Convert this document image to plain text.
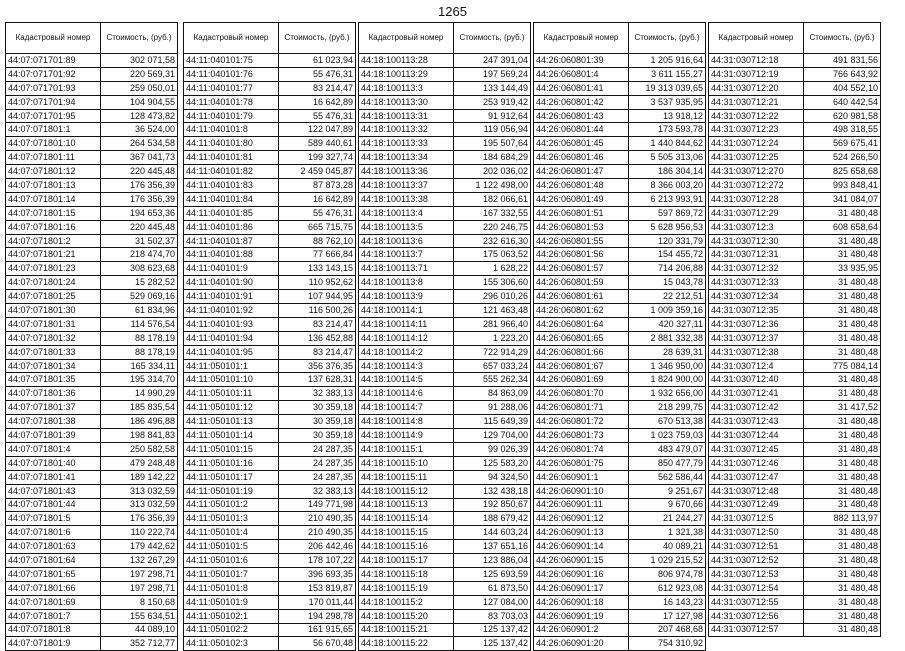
1265
Кадастровый номер	Стоимость, (руб.)
44:07:071701:89	302 071,58
44:07:071701:92	220 569,31
44:07:071701:93	259 050,01
44:07:071701:94	104 904,55
44:07:071701:95	128 473,82
44:07:071801:1	36 524,00
44:07:071801:10	264 534,58
44:07:071801:11	367 041,73
44:07:071801:12	220 445,48
44:07:071801:13	176 356,39
44:07:071801:14	176 356,39
44:07:071801:15	194 653,36
44:07:071801:16	220 445,48
44:07:071801:2	31 502,37
44:07:071801:21	218 474,70
44:07:071801:23	308 623,68
44:07:071801:24	15 282,52
44:07:071801:25	529 069,16
44:07:071801:30	61 834,96
44:07:071801:31	114 576,54
44:07:071801:32	88 178,19
44:07:071801:33	88 178,19
44:07:071801:34	165 334,11
44:07:071801:35	195 314,70
44:07:071801:36	14 990,29
44:07:071801:37	185 835,54
44:07:071801:38	186 496,88
44:07:071801:39	198 841,83
44:07:071801:4	250 582,58
44:07:071801:40	479 248,48
44:07:071801:41	189 142,22
44:07:071801:43	313 032,59
44:07:071801:44	313 032,59
44:07:071801:5	176 356,39
44:07:071801:6	110 222,74
44:07:071801:63	179 442,62
44:07:071801:64	132 267,29
44:07:071801:65	197 298,71
44:07:071801:66	197 298,71
44:07:071801:69	8 150,68
44:07:071801:7	155 634,51
44:07:071801:8	44 089,10
44:07:071801:9	352 712,77
Кадастровый номер	Стоимость, (руб.)
44:11:040101:75	61 023,94
44:11:040101:76	55 476,31
44:11:040101:77	83 214,47
44:11:040101:78	16 642,89
44:11:040101:79	55 476,31
44:11:040101:8	122 047,89
44:11:040101:80	589 440,61
44:11:040101:81	199 327,74
44:11:040101:82	2 459 045,87
44:11:040101:83	87 873,28
44:11:040101:84	16 642,89
44:11:040101:85	55 476,31
44:11:040101:86	665 715,75
44:11:040101:87	88 762,10
44:11:040101:88	77 666,84
44:11:040101:9	133 143,15
44:11:040101:90	110 952,62
44:11:040101:91	107 944,95
44:11:040101:92	116 500,26
44:11:040101:93	83 214,47
44:11:040101:94	136 452,88
44:11:040101:95	83 214,47
44:11:050101:1	356 376,35
44:11:050101:10	137 628,31
44:11:050101:11	32 383,13
44:11:050101:12	30 359,18
44:11:050101:13	30 359,18
44:11:050101:14	30 359,18
44:11:050101:15	24 287,35
44:11:050101:16	24 287,35
44:11:050101:17	24 287,35
44:11:050101:19	32 383,13
44:11:050101:2	149 771,98
44:11:050101:3	210 490,35
44:11:050101:4	210 490,35
44:11:050101:5	206 442,46
44:11:050101:6	178 107,22
44:11:050101:7	396 693,35
44:11:050101:8	153 819,87
44:11:050101:9	170 011,44
44:11:050102:1	194 298,78
44:11:050102:2	161 915,65
44:11:050102:3	56 670,48
Кадастровый номер	Стоимость, (руб.)
44:18:100113:28	247 391,04
44:18:100113:29	197 569,24
44:18:100113:3	133 144,49
44:18:100113:30	253 919,42
44:18:100113:31	91 912,64
44:18:100113:32	119 056,94
44:18:100113:33	195 507,64
44:18:100113:34	184 684,29
44:18:100113:36	202 036,02
44:18:100113:37	1 122 498,00
44:18:100113:38	182 066,61
44:18:100113:4	167 332,55
44:18:100113:5	220 246,75
44:18:100113:6	232 616,30
44:18:100113:7	175 063,52
44:18:100113:71	1 628,22
44:18:100113:8	155 306,60
44:18:100113:9	296 010,26
44:18:100114:1	121 463,48
44:18:100114:11	281 966,40
44:18:100114:12	1 223,20
44:18:100114:2	722 914,29
44:18:100114:3	657 033,24
44:18:100114:5	555 262,34
44:18:100114:6	84 863,09
44:18:100114:7	91 288,06
44:18:100114:8	115 649,39
44:18:100114:9	129 704,00
44:18:100115:1	99 026,39
44:18:100115:10	125 583,20
44:18:100115:11	94 324,50
44:18:100115:12	132 438,18
44:18:100115:13	192 850,67
44:18:100115:14	188 679,42
44:18:100115:15	144 603,24
44:18:100115:16	137 651,16
44:18:100115:17	123 886,04
44:18:100115:18	125 693,59
44:18:100115:19	61 873,50
44:18:100115:2	127 084,00
44:18:100115:20	83 703,03
44:18:100115:21	125 137,42
44:18:100115:22	125 137,42
Кадастровый номер	Стоимость, (руб.)
44:26:060801:39	1 205 916,64
44:26:060801:4	3 611 155,27
44:26:060801:41	19 313 039,65
44:26:060801:42	3 537 935,95
44:26:060801:43	13 918,12
44:26:060801:44	173 593,78
44:26:060801:45	1 440 844,62
44:26:060801:46	5 505 313,06
44:26:060801:47	186 304,14
44:26:060801:48	8 366 003,20
44:26:060801:49	6 213 993,91
44:26:060801:51	597 869,72
44:26:060801:53	5 628 956,53
44:26:060801:55	120 331,79
44:26:060801:56	154 455,72
44:26:060801:57	714 206,88
44:26:060801:59	15 043,78
44:26:060801:61	22 212,51
44:26:060801:62	1 009 359,16
44:26:060801:64	420 327,11
44:26:060801:65	2 881 332,38
44:26:060801:66	28 639,31
44:26:060801:67	1 346 950,00
44:26:060801:69	1 824 900,00
44:26:060801:70	1 932 656,00
44:26:060801:71	218 299,75
44:26:060801:72	670 513,38
44:26:060801:73	1 023 759,03
44:26:060801:74	483 479,07
44:26:060801:75	850 477,79
44:26:060901:1	562 586,44
44:26:060901:10	9 251,67
44:26:060901:11	9 670,66
44:26:060901:12	21 244,27
44:26:060901:13	1 321,38
44:26:060901:14	40 089,21
44:26:060901:15	1 029 215,52
44:26:060901:16	806 974,78
44:26:060901:17	612 923,08
44:26:060901:18	16 143,23
44:26:060901:19	17 127,98
44:26:060901:2	207 468,68
44:26:060901:20	754 310,92
Кадастровый номер	Стоимость, (руб.)
44:31:030712:18	491 831,56
44:31:030712:19	766 643,92
44:31:030712:20	404 552,10
44:31:030712:21	640 442,54
44:31:030712:22	620 981,58
44:31:030712:23	498 318,55
44:31:030712:24	569 675,41
44:31:030712:25	524 266,50
44:31:030712:270	825 658,68
44:31:030712:272	993 848,41
44:31:030712:28	341 084,07
44:31:030712:29	31 480,48
44:31:030712:3	608 658,64
44:31:030712:30	31 480,48
44:31:030712:31	31 480,48
44:31:030712:32	33 935,95
44:31:030712:33	31 480,48
44:31:030712:34	31 480,48
44:31:030712:35	31 480,48
44:31:030712:36	31 480,48
44:31:030712:37	31 480,48
44:31:030712:38	31 480,48
44:31:030712:4	775 084,14
44:31:030712:40	31 480,48
44:31:030712:41	31 480,48
44:31:030712:42	31 417,52
44:31:030712:43	31 480,48
44:31:030712:44	31 480,48
44:31:030712:45	31 480,48
44:31:030712:46	31 480,48
44:31:030712:47	31 480,48
44:31:030712:48	31 480,48
44:31:030712:49	31 480,48
44:31:030712:5	882 113,97
44:31:030712:50	31 480,48
44:31:030712:51	31 480,48
44:31:030712:52	31 480,48
44:31:030712:53	31 480,48
44:31:030712:54	31 480,48
44:31:030712:55	31 480,48
44:31:030712:56	31 480,48
44:31:030712:57	31 480,48
